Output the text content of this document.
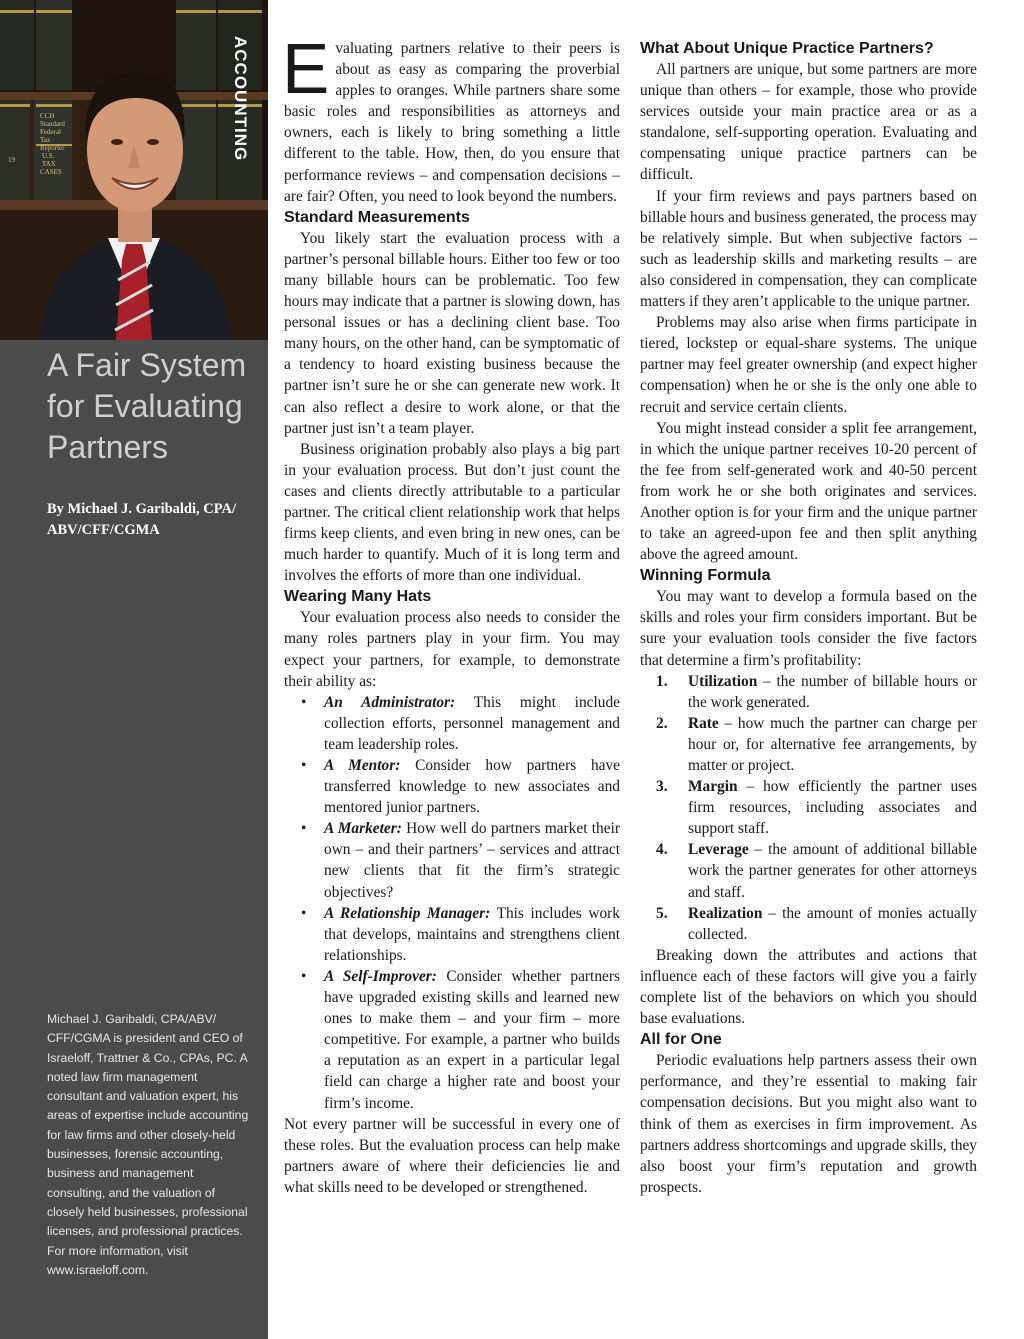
CCH
Standard
Federal
Tax
Reporter
U.S.
TAX
CASES
19	ACCOUNTING
A Fair System for Evaluating Partners
By Michael J. Garibaldi, CPA/ ABV/CFF/CGMA
Michael J. Garibaldi, CPA/ABV/ CFF/CGMA is president and CEO of Israeloff, Trattner & Co., CPAs, PC. A noted law firm management consultant and valuation expert, his areas of expertise include accounting for law firms and other closely-held businesses, forensic accounting, business and management consulting, and the valuation of closely held businesses, professional licenses, and professional practices. For more information, visit www.israeloff.com.

Evaluating partners relative to their peers is about as easy as comparing the proverbial apples to oranges. While partners share some basic roles and responsibilities as attorneys and owners, each is likely to bring something a little different to the table. How, then, do you ensure that performance reviews – and compensation decisions – are fair? Often, you need to look beyond the numbers.

Standard Measurements

You likely start the evaluation process with a partner’s personal billable hours. Either too few or too many billable hours can be problematic. Too few hours may indicate that a partner is slowing down, has personal issues or has a declining client base. Too many hours, on the other hand, can be symptomatic of a tendency to hoard existing business because the partner isn’t sure he or she can generate new work. It can also reflect a desire to work alone, or that the partner just isn’t a team player.

Business origination probably also plays a big part in your evaluation process. But don’t just count the cases and clients directly attributable to a particular partner. The critical client relationship work that helps firms keep clients, and even bring in new ones, can be much harder to quantify. Much of it is long term and involves the efforts of more than one individual.

Wearing Many Hats

Your evaluation process also needs to consider the many roles partners play in your firm. You may expect your partners, for example, to demonstrate their ability as:

• An Administrator: This might include collection efforts, personnel management and team leadership roles.
• A Mentor: Consider how partners have transferred knowledge to new associates and mentored junior partners.
• A Marketer: How well do partners market their own – and their partners’ – services and attract new clients that fit the firm’s strategic objectives?
• A Relationship Manager: This includes work that develops, maintains and strengthens client relationships.
• A Self-Improver: Consider whether partners have upgraded existing skills and learned new ones to make them – and your firm – more competitive. For example, a partner who builds a reputation as an expert in a particular legal field can charge a higher rate and boost your firm’s income.

Not every partner will be successful in every one of these roles. But the evaluation process can help make partners aware of where their deficiencies lie and what skills need to be developed or strengthened.

What About Unique Practice Partners?

All partners are unique, but some partners are more unique than others – for example, those who provide services outside your main practice area or as a standalone, self-supporting operation. Evaluating and compensating unique practice partners can be difficult.

If your firm reviews and pays partners based on billable hours and business generated, the process may be relatively simple. But when subjective factors – such as leadership skills and marketing results – are also considered in compensation, they can complicate matters if they aren’t applicable to the unique partner.

Problems may also arise when firms participate in tiered, lockstep or equal-share systems. The unique partner may feel greater ownership (and expect higher compensation) when he or she is the only one able to recruit and service certain clients.

You might instead consider a split fee arrangement, in which the unique partner receives 10-20 percent of the fee from self-generated work and 40-50 percent from work he or she both originates and services. Another option is for your firm and the unique partner to take an agreed-upon fee and then split anything above the agreed amount.

Winning Formula

You may want to develop a formula based on the skills and roles your firm considers important. But be sure your evaluation tools consider the five factors that determine a firm’s profitability:

1. Utilization – the number of billable hours or the work generated.
2. Rate – how much the partner can charge per hour or, for alternative fee arrangements, by matter or project.
3. Margin – how efficiently the partner uses firm resources, including associates and support staff.
4. Leverage – the amount of additional billable work the partner generates for other attorneys and staff.
5. Realization – the amount of monies actually collected.

Breaking down the attributes and actions that influence each of these factors will give you a fairly complete list of the behaviors on which you should base evaluations.

All for One

Periodic evaluations help partners assess their own performance, and they’re essential to making fair compensation decisions. But you might also want to think of them as exercises in firm improvement. As partners address shortcomings and upgrade skills, they also boost your firm’s reputation and growth prospects.
